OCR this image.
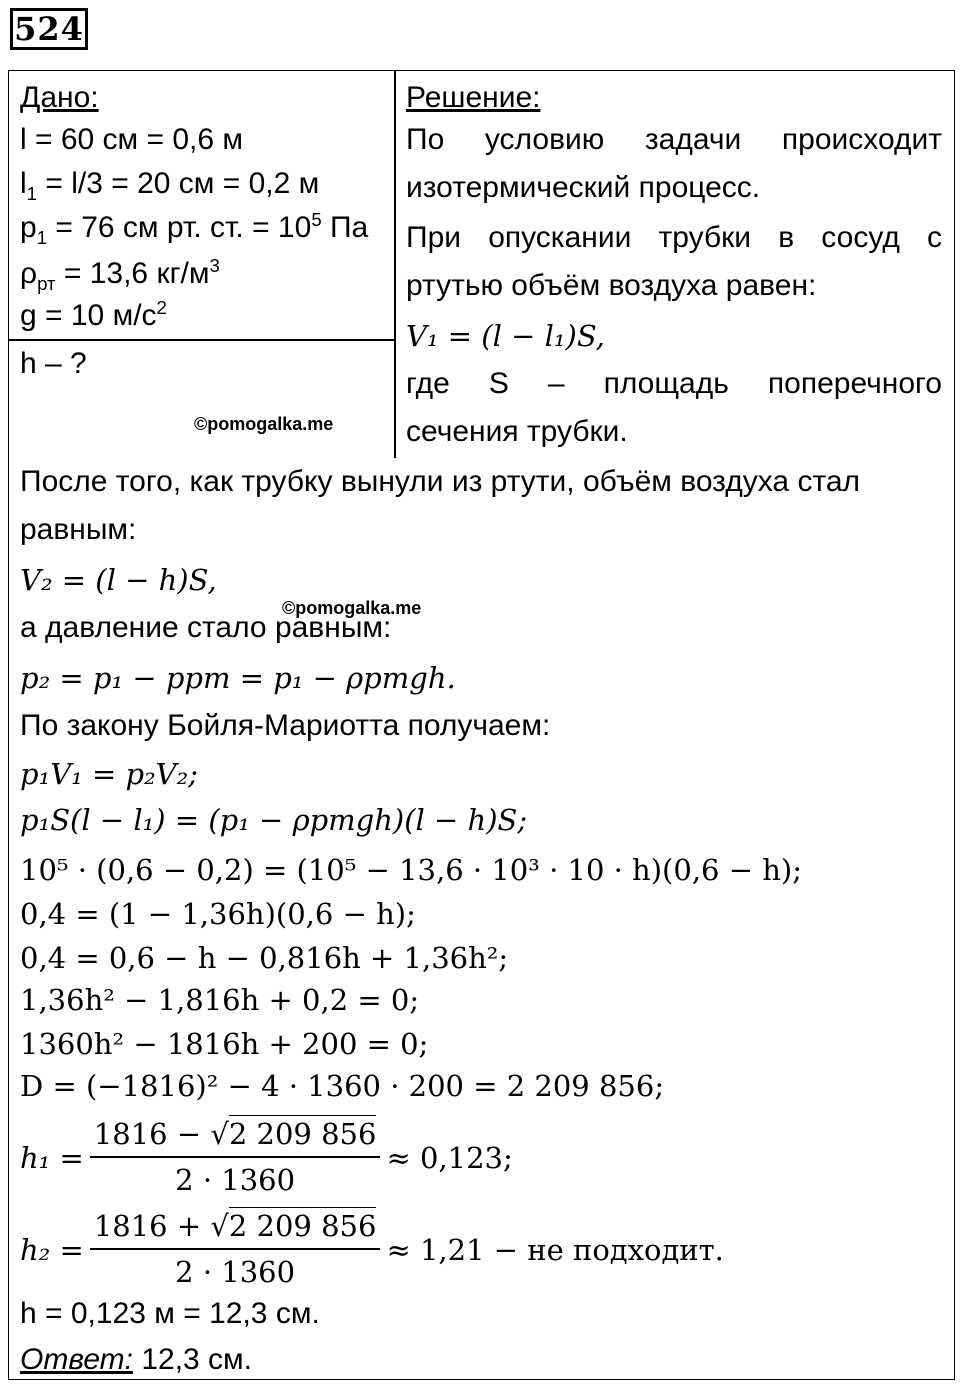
524
Дано:
l = 60 см = 0,6 м
$l_1 = l/3 = 20$ см = 0,2 м
$p_1 = 76$ см рт. ст. = $10^5$ Па
$\rho_{рт} = 13,6$ $кг/м^3$
g = 10 $м/с^2$
h – ?
©pomogalka.me
Решение:
По условию задачи происходит
изотермический процесс.
При опускании трубки в сосуд с
ртутью объём воздуха равен:
V₁ = (l − l₁)S,
где S – площадь поперечного
сечения трубки.
После того, как трубку вынули из ртути, объём воздуха стал
равным:
V₂ = (l − h)S,
©pomogalka.me
а давление стало равным:
p₂ = p₁ − pрт = p₁ − ρртgh.
По закону Бойля-Мариотта получаем:
p₁V₁ = p₂V₂;
p₁S(l − l₁) = (p₁ − ρртgh)(l − h)S;
10⁵ · (0,6 − 0,2) = (10⁵ − 13,6 · 10³ · 10 · h)(0,6 − h);
0,4 = (1 − 1,36h)(0,6 − h);
0,4 = 0,6 − h − 0,816h + 1,36h²;
1,36h² − 1,816h + 0,2 = 0;
1360h² − 1816h + 200 = 0;
D = (−1816)² − 4 · 1360 · 200 = 2 209 856;
$h_1 = \frac{1816 - √2 209 856}{2 \cdot 1360} \approx 0,123$;
$h_2 = \frac{1816 + √2 209 856}{2 \cdot 1360} \approx 1,21$ − не подходит.
h = 0,123 м = 12,3 см.
Ответ: 12,3 см.
